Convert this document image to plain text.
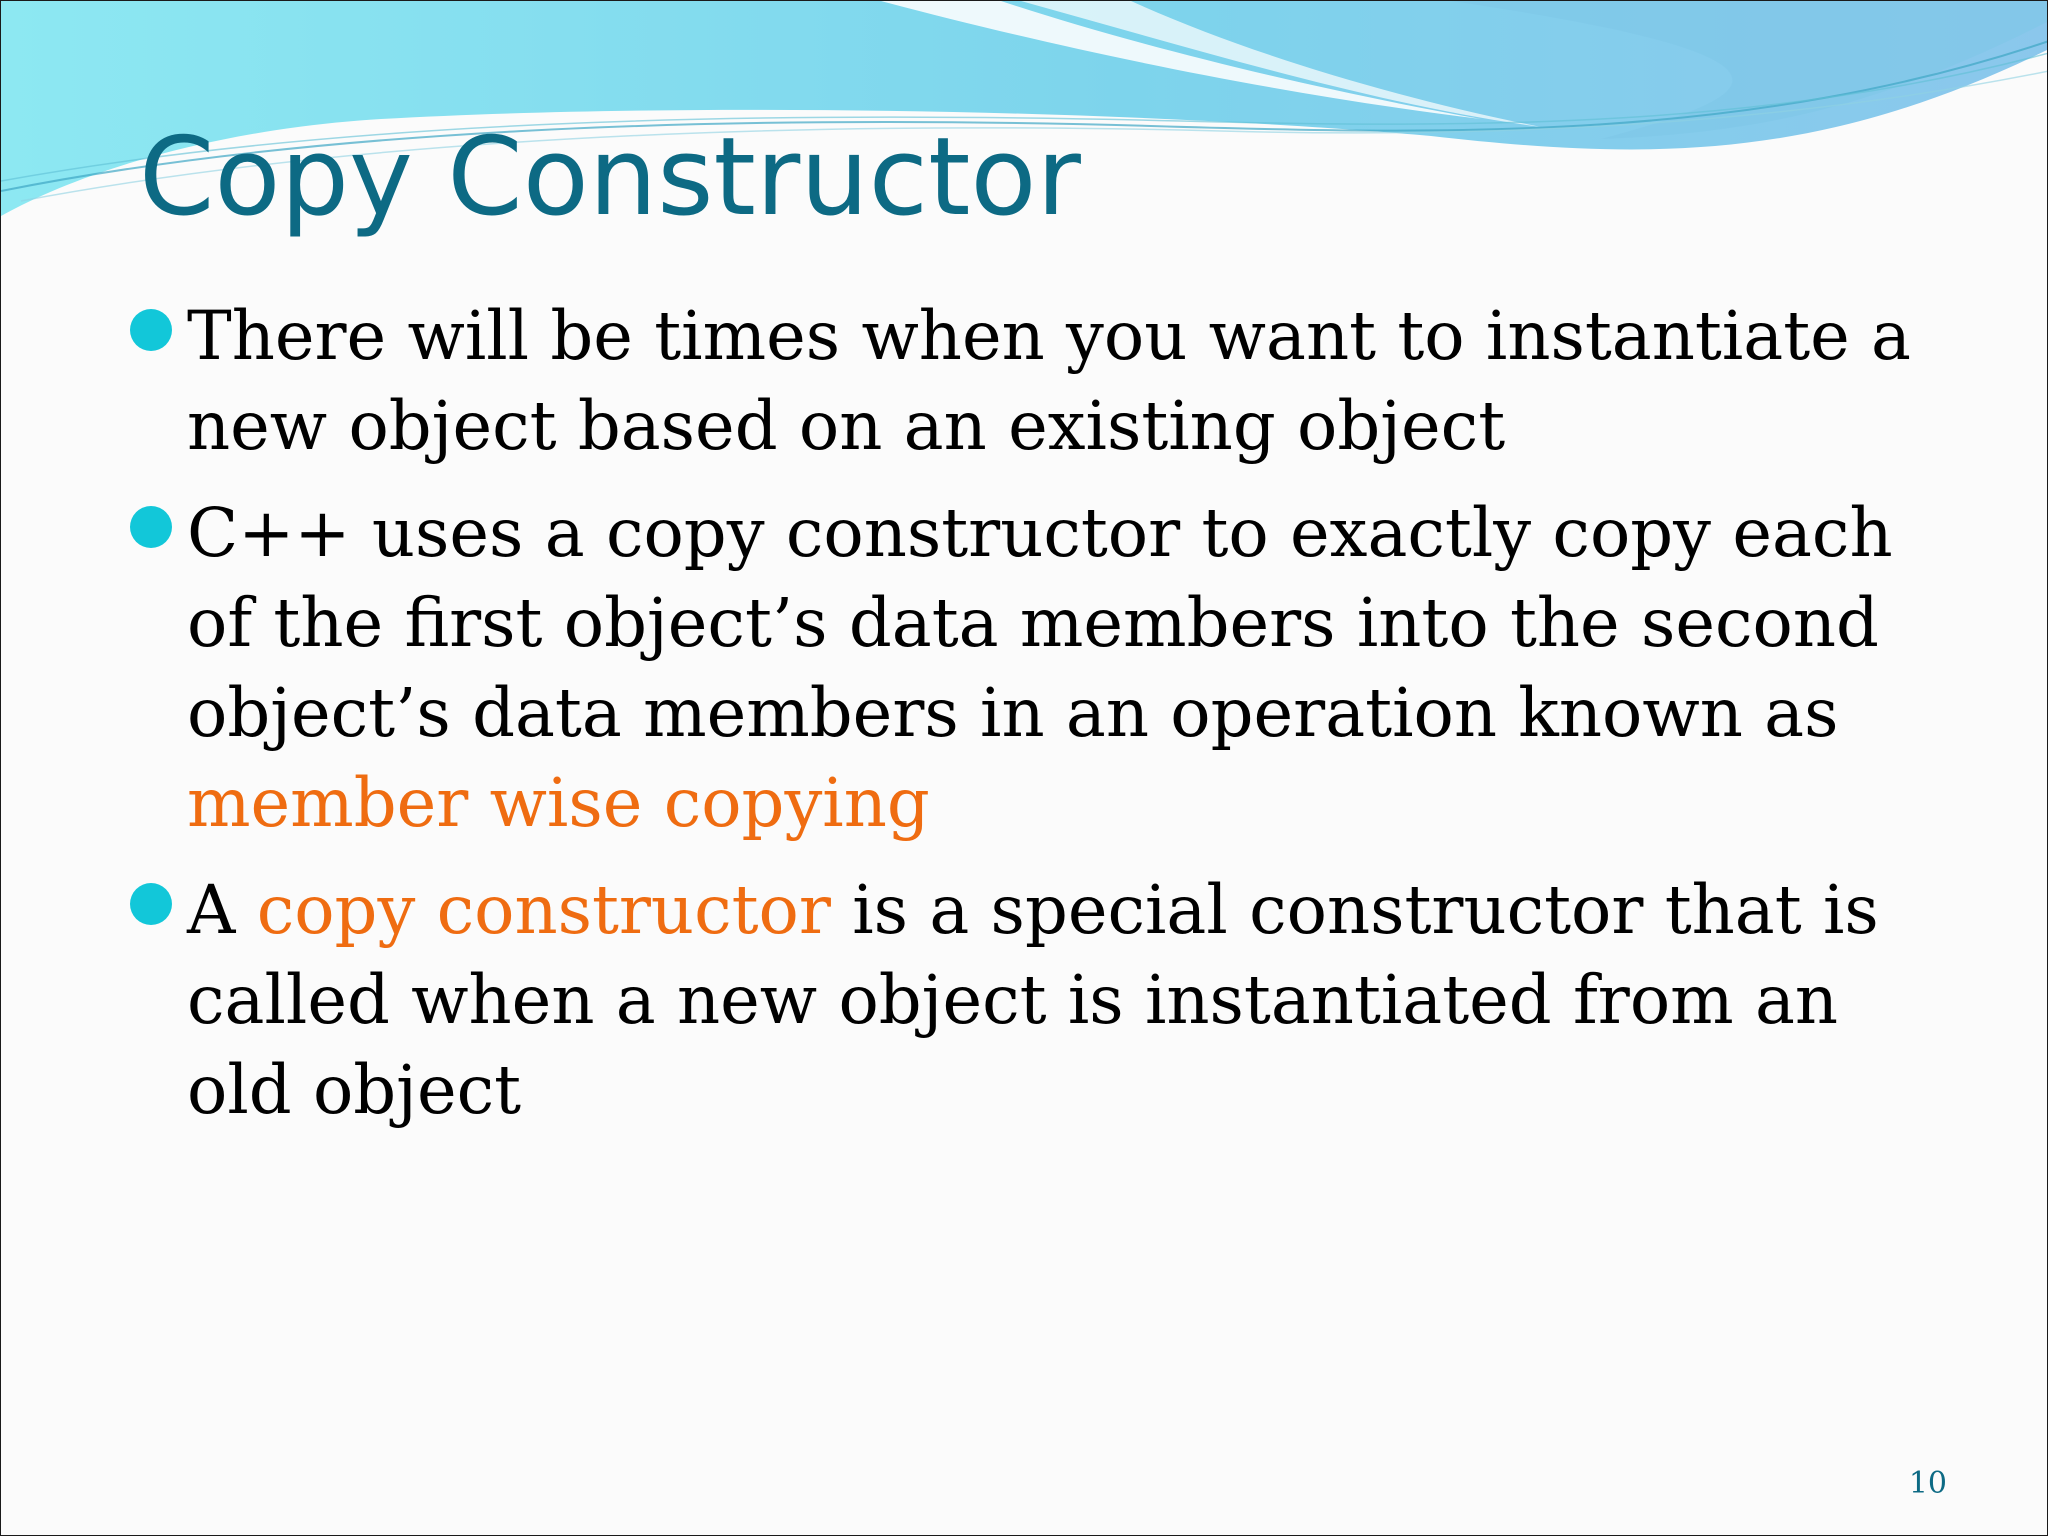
Copy Constructor
There will be times when you want to instantiate a new object based on an existing object
C++ uses a copy constructor to exactly copy each of the first object’s data members into the second object’s data members in an operation known as member wise copying
A copy constructor is a special constructor that is called when a new object is instantiated from an old object
10
